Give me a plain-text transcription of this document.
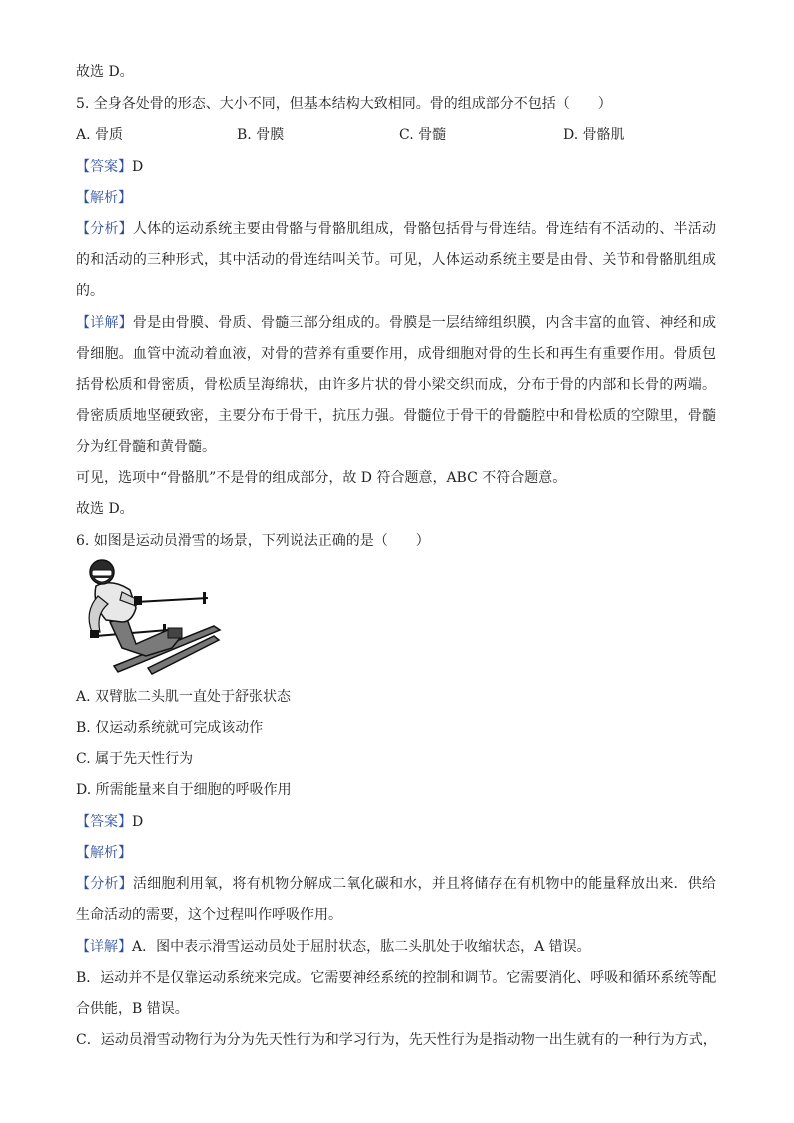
故选 D。
5. 全身各处骨的形态、大小不同，但基本结构大致相同。骨的组成部分不包括（　　）
A. 骨质	B. 骨膜	C. 骨髓	D. 骨骼肌
【答案】D
【解析】
【分析】人体的运动系统主要由骨骼与骨骼肌组成，骨骼包括骨与骨连结。骨连结有不活动的、半活动
的和活动的三种形式，其中活动的骨连结叫关节。可见，人体运动系统主要是由骨、关节和骨骼肌组成
的。
【详解】骨是由骨膜、骨质、骨髓三部分组成的。骨膜是一层结缔组织膜，内含丰富的血管、神经和成
骨细胞。血管中流动着血液，对骨的营养有重要作用，成骨细胞对骨的生长和再生有重要作用。骨质包
括骨松质和骨密质，骨松质呈海绵状，由许多片状的骨小梁交织而成，分布于骨的内部和长骨的两端。
骨密质质地坚硬致密，主要分布于骨干，抗压力强。骨髓位于骨干的骨髓腔中和骨松质的空隙里，骨髓
分为红骨髓和黄骨髓。
可见，选项中“骨骼肌”不是骨的组成部分，故 D 符合题意，ABC 不符合题意。
故选 D。
6. 如图是运动员滑雪的场景，下列说法正确的是（　　）
A. 双臂肱二头肌一直处于舒张状态
B. 仅运动系统就可完成该动作
C. 属于先天性行为
D. 所需能量来自于细胞的呼吸作用
【答案】D
【解析】
【分析】活细胞利用氧，将有机物分解成二氧化碳和水，并且将储存在有机物中的能量释放出来．供给
生命活动的需要，这个过程叫作呼吸作用。
【详解】A．图中表示滑雪运动员处于屈肘状态，肱二头肌处于收缩状态，A 错误。
B．运动并不是仅靠运动系统来完成。它需要神经系统的控制和调节。它需要消化、呼吸和循环系统等配
合供能，B 错误。
C．运动员滑雪动物行为分为先天性行为和学习行为，先天性行为是指动物一出生就有的一种行为方式，
